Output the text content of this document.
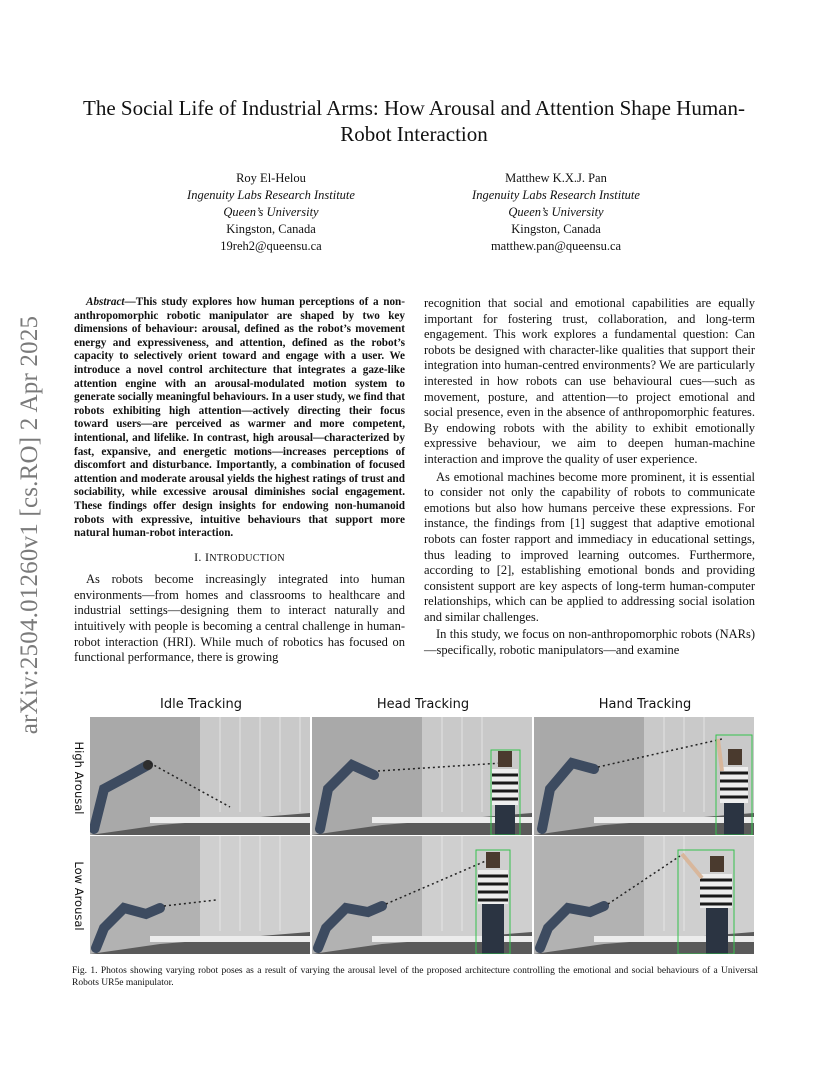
arXiv:2504.01260v1 [cs.RO] 2 Apr 2025
The Social Life of Industrial Arms: How Arousal and Attention Shape Human-Robot Interaction
Roy El-Helou
Ingenuity Labs Research Institute
Queen’s University
Kingston, Canada
19reh2@queensu.ca
Matthew K.X.J. Pan
Ingenuity Labs Research Institute
Queen’s University
Kingston, Canada
matthew.pan@queensu.ca

Abstract—This study explores how human perceptions of a non-anthropomorphic robotic manipulator are shaped by two key dimensions of behaviour: arousal, defined as the robot’s movement energy and expressiveness, and attention, defined as the robot’s capacity to selectively orient toward and engage with a user. We introduce a novel control architecture that integrates a gaze-like attention engine with an arousal-modulated motion system to generate socially meaningful behaviours. In a user study, we find that robots exhibiting high attention—actively directing their focus toward users—are perceived as warmer and more competent, intentional, and lifelike. In contrast, high arousal—characterized by fast, expansive, and energetic motions—increases perceptions of discomfort and disturbance. Importantly, a combination of focused attention and moderate arousal yields the highest ratings of trust and sociability, while excessive arousal diminishes social engagement. These findings offer design insights for endowing non-humanoid robots with expressive, intuitive behaviours that support more natural human-robot interaction.

I. INTRODUCTION

As robots become increasingly integrated into human environments—from homes and classrooms to healthcare and industrial settings—designing them to interact naturally and intuitively with people is becoming a central challenge in human-robot interaction (HRI). While much of robotics has focused on functional performance, there is growing

recognition that social and emotional capabilities are equally important for fostering trust, collaboration, and long-term engagement. This work explores a fundamental question: Can robots be designed with character-like qualities that support their integration into human-centred environments? We are particularly interested in how robots can use behavioural cues—such as movement, posture, and attention—to project emotional and social presence, even in the absence of anthropomorphic features. By endowing robots with the ability to exhibit emotionally expressive behaviour, we aim to deepen human-machine interaction and improve the quality of user experience.

As emotional machines become more prominent, it is essential to consider not only the capability of robots to communicate emotions but also how humans perceive these expressions. For instance, the findings from [1] suggest that adaptive emotional robots can foster rapport and immediacy in educational settings, thus leading to improved learning outcomes. Furthermore, according to [2], establishing emotional bonds and providing consistent support are key aspects of long-term human-computer relationships, which can be applied to addressing social isolation and similar challenges.

In this study, we focus on non-anthropomorphic robots (NARs) —specifically, robotic manipulators—and examine

Idle Tracking	Head Tracking	Hand Tracking
High Arousal
Low Arousal
Fig. 1. Photos showing varying robot poses as a result of varying the arousal level of the proposed architecture controlling the emotional and social behaviours of a Universal Robots UR5e manipulator.
